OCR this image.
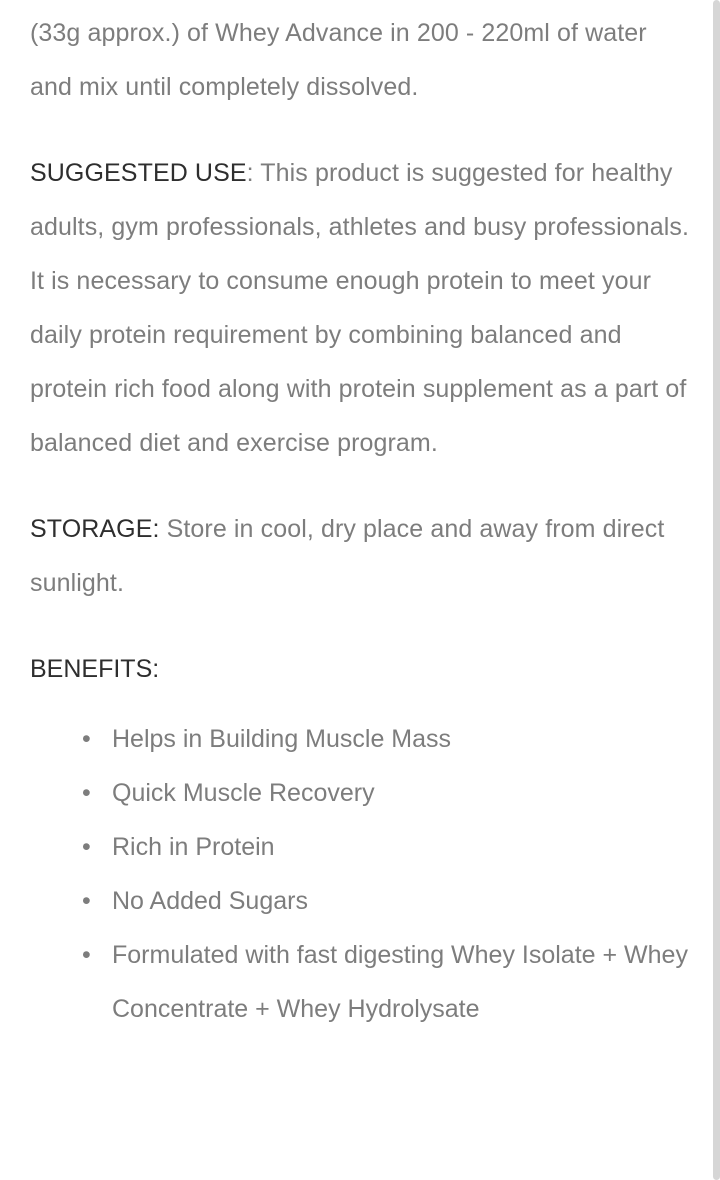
(33g approx.) of Whey Advance in 200 - 220ml of water and mix until completely dissolved.

SUGGESTED USE: This product is suggested for healthy adults, gym professionals, athletes and busy professionals. It is necessary to consume enough protein to meet your daily protein requirement by combining balanced and protein rich food along with protein supplement as a part of balanced diet and exercise program.

STORAGE: Store in cool, dry place and away from direct sunlight.

BENEFITS:

• Helps in Building Muscle Mass
• Quick Muscle Recovery
• Rich in Protein
• No Added Sugars
• Formulated with fast digesting Whey Isolate + Whey Concentrate + Whey Hydrolysate
